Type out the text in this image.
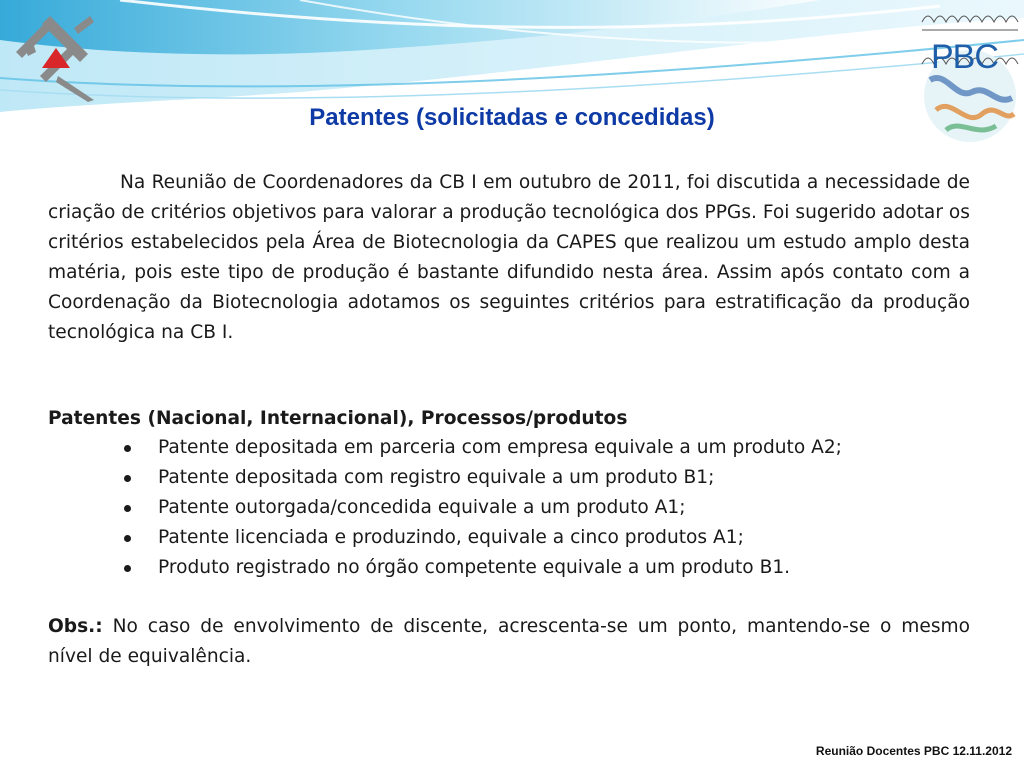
PBC
Patentes (solicitadas e concedidas)

Na Reunião de Coordenadores da CB I em outubro de 2011, foi discutida a necessidade de criação de critérios objetivos para valorar a produção tecnológica dos PPGs. Foi sugerido adotar os critérios estabelecidos pela Área de Biotecnologia da CAPES que realizou um estudo amplo desta matéria, pois este tipo de produção é bastante difundido nesta área. Assim após contato com a Coordenação da Biotecnologia adotamos os seguintes critérios para estratificação da produção tecnológica na CB I.

Patentes (Nacional, Internacional), Processos/produtos

Patente depositada em parceria com empresa equivale a um produto A2;
Patente depositada com registro equivale a um produto B1;
Patente outorgada/concedida equivale a um produto A1;
Patente licenciada e produzindo, equivale a cinco produtos A1;
Produto registrado no órgão competente equivale a um produto B1.

Obs.: No caso de envolvimento de discente, acrescenta-se um ponto, mantendo-se o mesmo nível de equivalência.

Reunião Docentes PBC 12.11.2012
